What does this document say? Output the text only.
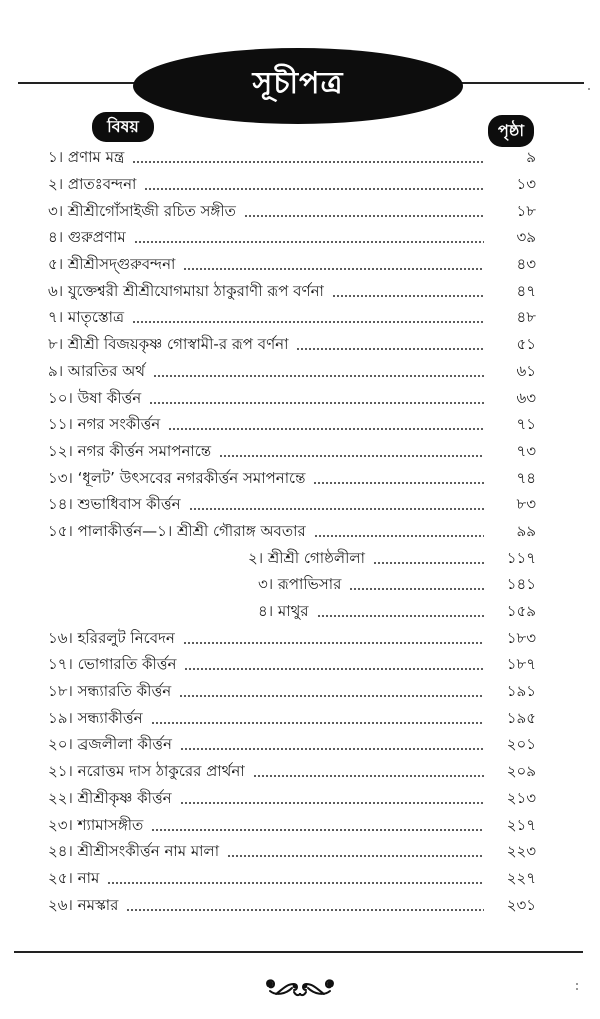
সূচীপত্র
বিষয়	পৃষ্ঠা
১। প্রণাম মন্ত্র	৯
২। প্রাতঃবন্দনা	১৩
৩। শ্রীশ্রীগোঁসাইজী রচিত সঙ্গীত	১৮
৪। গুরুপ্রণাম	৩৯
৫। শ্রীশ্রীসদ্‌গুরুবন্দনা	৪৩
৬। যুক্তেশ্বরী শ্রীশ্রীযোগমায়া ঠাকুরাণী রূপ বর্ণনা	৪৭
৭। মাতৃস্তোত্র	৪৮
৮। শ্রীশ্রী বিজয়কৃষ্ণ গোস্বামী-র রূপ বর্ণনা	৫১
৯। আরতির অর্থ	৬১
১০। উষা কীর্ত্তন	৬৩
১১। নগর সংকীর্ত্তন	৭১
১২। নগর কীর্ত্তন সমাপনান্তে	৭৩
১৩। ‘ধূলট’ উৎসবের নগরকীর্ত্তন সমাপনান্তে	৭৪
১৪। শুভাধিবাস কীর্ত্তন	৮৩
১৫। পালাকীর্ত্তন—১। শ্রীশ্রী গৌরাঙ্গ অবতার	৯৯
২। শ্রীশ্রী গোষ্ঠলীলা	১১৭
৩। রূপাভিসার	১৪১
৪। মাথুর	১৫৯
১৬। হরিরলুট নিবেদন	১৮৩
১৭। ভোগারতি কীর্ত্তন	১৮৭
১৮। সন্ধ্যারতি কীর্ত্তন	১৯১
১৯। সন্ধ্যাকীর্ত্তন	১৯৫
২০। ব্রজলীলা কীর্ত্তন	২০১
২১। নরোত্তম দাস ঠাকুরের প্রার্থনা	২০৯
২২। শ্রীশ্রীকৃষ্ণ কীর্ত্তন	২১৩
২৩। শ্যামাসঙ্গীত	২১৭
২৪। শ্রীশ্রীসংকীর্ত্তন নাম মালা	২২৩
২৫। নাম	২২৭
২৬। নমস্কার	২৩১
